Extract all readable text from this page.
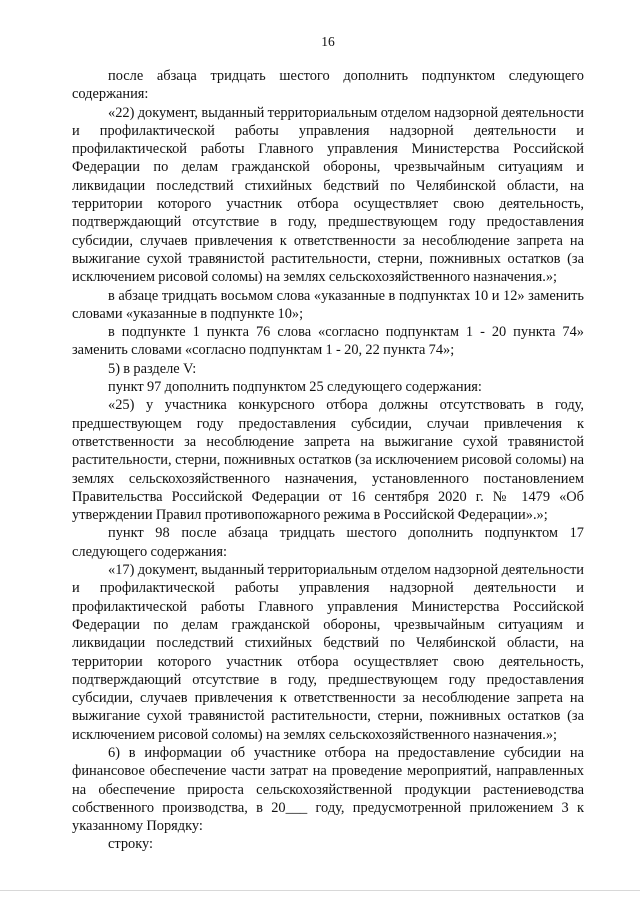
16

после абзаца тридцать шестого дополнить подпунктом следующего содержания:

«22) документ, выданный территориальным отделом надзорной деятельности и профилактической работы управления надзорной деятельности и профилактической работы Главного управления Министерства Российской Федерации по делам гражданской обороны, чрезвычайным ситуациям и ликвидации последствий стихийных бедствий по Челябинской области, на территории которого участник отбора осуществляет свою деятельность, подтверждающий отсутствие в году, предшествующем году предоставления субсидии, случаев привлечения к ответственности за несоблюдение запрета на выжигание сухой травянистой растительности, стерни, пожнивных остатков (за исключением рисовой соломы) на землях сельскохозяйственного назначения.»;

в абзаце тридцать восьмом слова «указанные в подпунктах 10 и 12» заменить словами «указанные в подпункте 10»;

в подпункте 1 пункта 76 слова «согласно подпунктам 1 - 20 пункта 74» заменить словами «согласно подпунктам 1 - 20, 22 пункта 74»;

5) в разделе V:

пункт 97 дополнить подпунктом 25 следующего содержания:

«25) у участника конкурсного отбора должны отсутствовать в году, предшествующем году предоставления субсидии, случаи привлечения к ответственности за несоблюдение запрета на выжигание сухой травянистой растительности, стерни, пожнивных остатков (за исключением рисовой соломы) на землях сельскохозяйственного назначения, установленного постановлением Правительства Российской Федерации от 16 сентября 2020 г. № 1479 «Об утверждении Правил противопожарного режима в Российской Федерации».»;

пункт 98 после абзаца тридцать шестого дополнить подпунктом 17 следующего содержания:

«17) документ, выданный территориальным отделом надзорной деятельности и профилактической работы управления надзорной деятельности и профилактической работы Главного управления Министерства Российской Федерации по делам гражданской обороны, чрезвычайным ситуациям и ликвидации последствий стихийных бедствий по Челябинской области, на территории которого участник отбора осуществляет свою деятельность, подтверждающий отсутствие в году, предшествующем году предоставления субсидии, случаев привлечения к ответственности за несоблюдение запрета на выжигание сухой травянистой растительности, стерни, пожнивных остатков (за исключением рисовой соломы) на землях сельскохозяйственного назначения.»;

6) в информации об участнике отбора на предоставление субсидии на финансовое обеспечение части затрат на проведение мероприятий, направленных на обеспечение прироста сельскохозяйственной продукции растениеводства собственного производства, в 20___ году, предусмотренной приложением 3 к указанному Порядку:

строку:
